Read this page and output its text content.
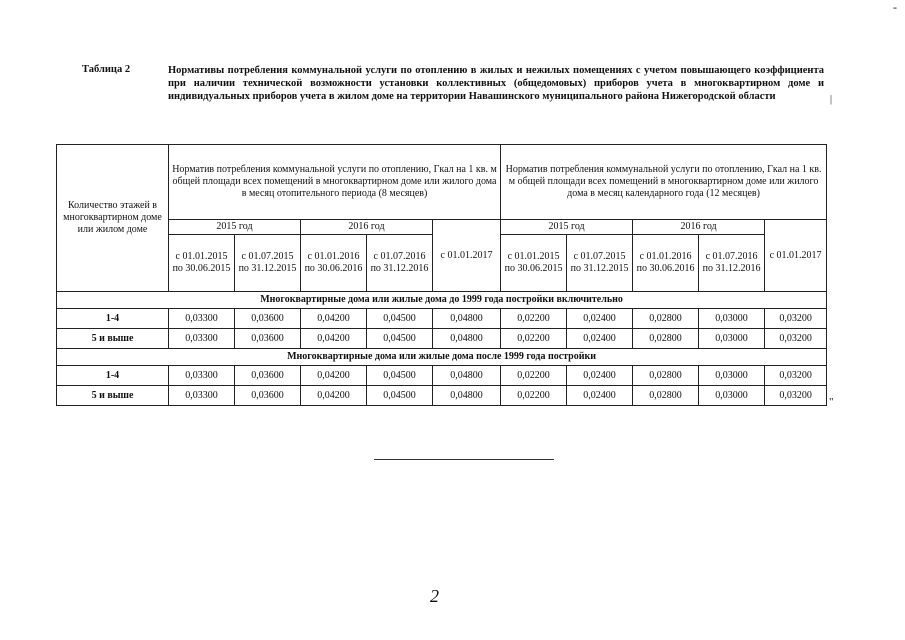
-
Таблица 2	Нормативы потребления коммунальной услуги по отоплению в жилых и нежилых помещениях с учетом повышающего коэффициента при наличии технической возможности установки коллективных (общедомовых) приборов учета в многоквартирном доме и индивидуальных приборов учета в жилом доме на территории Навашинского муниципального района Нижегородской области	|
Количество этажей в многоквартирном доме или жилом доме	Норматив потребления коммунальной услуги по отоплению, Гкал на 1 кв. м общей площади всех помещений в многоквартирном доме или жилого дома в месяц отопительного периода (8 месяцев)					Норматив потребления коммунальной услуги по отоплению, Гкал на 1 кв. м общей площади всех помещений в многоквартирном доме или жилого дома в месяц календарного года (12 месяцев)				
	2015 год		2016 год		с 01.01.2017	2015 год		2016 год		с 01.01.2017
	с 01.01.2015 по 30.06.2015	с 01.07.2015 по 31.12.2015	с 01.01.2016 по 30.06.2016	с 01.07.2016 по 31.12.2016		с 01.01.2015 по 30.06.2015	с 01.07.2015 по 31.12.2015	с 01.01.2016 по 30.06.2016	с 01.07.2016 по 31.12.2016	
Многоквартирные дома или жилые дома до 1999 года постройки включительно										
1-4	0,03300	0,03600	0,04200	0,04500	0,04800	0,02200	0,02400	0,02800	0,03000	0,03200
5 и выше	0,03300	0,03600	0,04200	0,04500	0,04800	0,02200	0,02400	0,02800	0,03000	0,03200
Многоквартирные дома или жилые дома после 1999 года постройки										
1-4	0,03300	0,03600	0,04200	0,04500	0,04800	0,02200	0,02400	0,02800	0,03000	0,03200
5 и выше	0,03300	0,03600	0,04200	0,04500	0,04800	0,02200	0,02400	0,02800	0,03000	0,03200
"
2
